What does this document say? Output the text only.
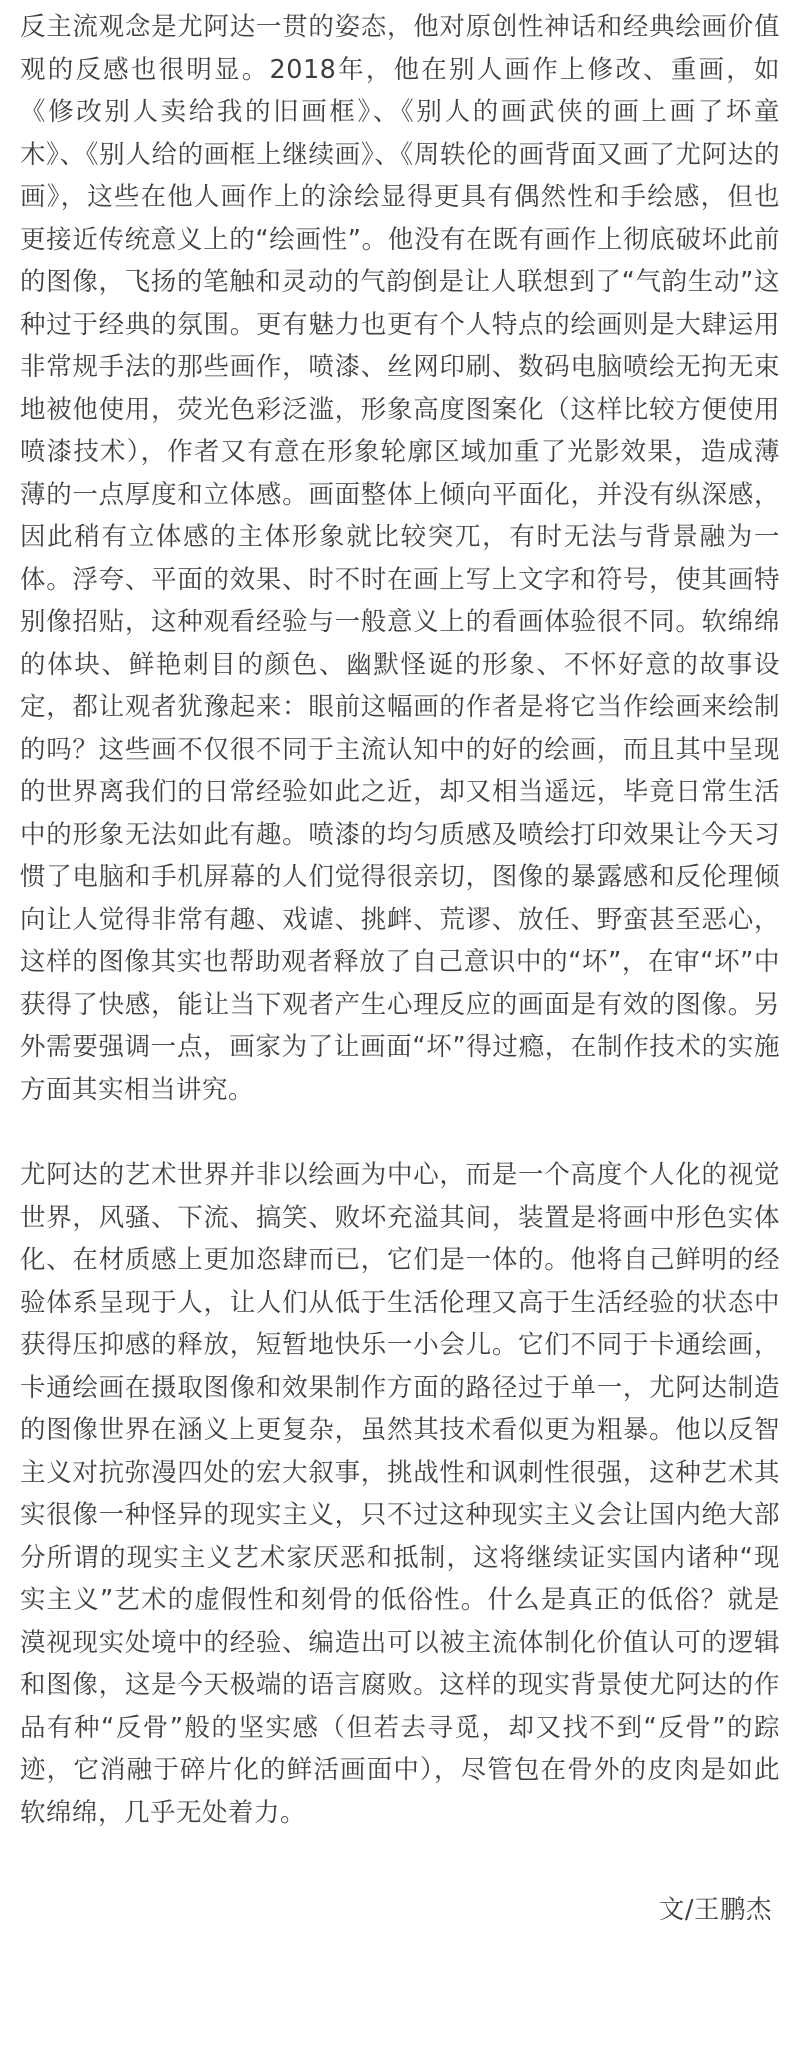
反主流观念是尤阿达一贯的姿态，他对原创性神话和经典绘画价值观的反感也很明显。2018年，他在别人画作上修改、重画，如《修改别人卖给我的旧画框》、《别人的画武侠的画上画了坏童木》、《别人给的画框上继续画》、《周轶伦的画背面又画了尤阿达的画》，这些在他人画作上的涂绘显得更具有偶然性和手绘感，但也更接近传统意义上的“绘画性”。他没有在既有画作上彻底破坏此前的图像，飞扬的笔触和灵动的气韵倒是让人联想到了“气韵生动”这种过于经典的氛围。更有魅力也更有个人特点的绘画则是大肆运用非常规手法的那些画作，喷漆、丝网印刷、数码电脑喷绘无拘无束地被他使用，荧光色彩泛滥，形象高度图案化（这样比较方便使用喷漆技术），作者又有意在形象轮廓区域加重了光影效果，造成薄薄的一点厚度和立体感。画面整体上倾向平面化，并没有纵深感，因此稍有立体感的主体形象就比较突兀，有时无法与背景融为一体。浮夸、平面的效果、时不时在画上写上文字和符号，使其画特别像招贴，这种观看经验与一般意义上的看画体验很不同。软绵绵的体块、鲜艳刺目的颜色、幽默怪诞的形象、不怀好意的故事设定，都让观者犹豫起来：眼前这幅画的作者是将它当作绘画来绘制的吗？这些画不仅很不同于主流认知中的好的绘画，而且其中呈现的世界离我们的日常经验如此之近，却又相当遥远，毕竟日常生活中的形象无法如此有趣。喷漆的均匀质感及喷绘打印效果让今天习惯了电脑和手机屏幕的人们觉得很亲切，图像的暴露感和反伦理倾向让人觉得非常有趣、戏谑、挑衅、荒谬、放任、野蛮甚至恶心，这样的图像其实也帮助观者释放了自己意识中的“坏”，在审“坏”中获得了快感，能让当下观者产生心理反应的画面是有效的图像。另外需要强调一点，画家为了让画面“坏”得过瘾，在制作技术的实施方面其实相当讲究。

尤阿达的艺术世界并非以绘画为中心，而是一个高度个人化的视觉世界，风骚、下流、搞笑、败坏充溢其间，装置是将画中形色实体化、在材质感上更加恣肆而已，它们是一体的。他将自己鲜明的经验体系呈现于人，让人们从低于生活伦理又高于生活经验的状态中获得压抑感的释放，短暂地快乐一小会儿。它们不同于卡通绘画，卡通绘画在摄取图像和效果制作方面的路径过于单一，尤阿达制造的图像世界在涵义上更复杂，虽然其技术看似更为粗暴。他以反智主义对抗弥漫四处的宏大叙事，挑战性和讽刺性很强，这种艺术其实很像一种怪异的现实主义，只不过这种现实主义会让国内绝大部分所谓的现实主义艺术家厌恶和抵制，这将继续证实国内诸种“现实主义”艺术的虚假性和刻骨的低俗性。什么是真正的低俗？就是漠视现实处境中的经验、编造出可以被主流体制化价值认可的逻辑和图像，这是今天极端的语言腐败。这样的现实背景使尤阿达的作品有种“反骨”般的坚实感（但若去寻觅，却又找不到“反骨”的踪迹，它消融于碎片化的鲜活画面中），尽管包在骨外的皮肉是如此软绵绵，几乎无处着力。

文/王鹏杰
